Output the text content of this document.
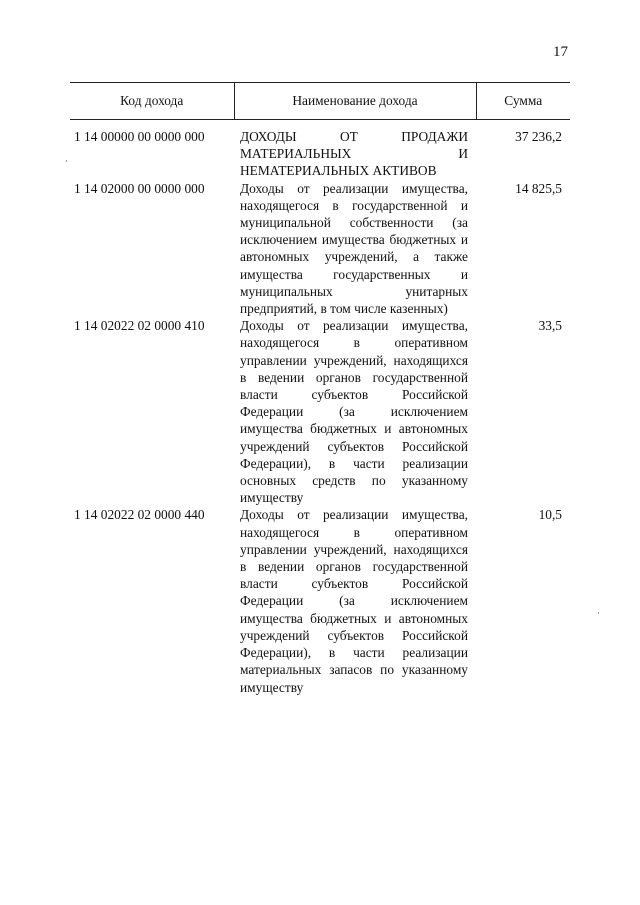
17
Код дохода	Наименование дохода	Сумма
1 14 00000 00 0000 000	ДОХОДЫ ОТ ПРОДАЖИ МАТЕРИАЛЬНЫХ И НЕМАТЕРИАЛЬНЫХ АКТИВОВ	37 236,2
1 14 02000 00 0000 000	Доходы от реализации имущества, находящегося в государственной и муниципальной собственности (за исключением имущества бюджетных и автономных учреждений, а также имущества государственных и муниципальных унитарных предприятий, в том числе казенных)	14 825,5
1 14 02022 02 0000 410	Доходы от реализации имущества, находящегося в оперативном управлении учреждений, находящихся в ведении органов государственной власти субъектов Российской Федерации (за исключением имущества бюджетных и автономных учреждений субъектов Российской Федерации), в части реализации основных средств по указанному имуществу	33,5
1 14 02022 02 0000 440	Доходы от реализации имущества, находящегося в оперативном управлении учреждений, находящихся в ведении органов государственной власти субъектов Российской Федерации (за исключением имущества бюджетных и автономных учреждений субъектов Российской Федерации), в части реализации материальных запасов по указанному имуществу	10,5
